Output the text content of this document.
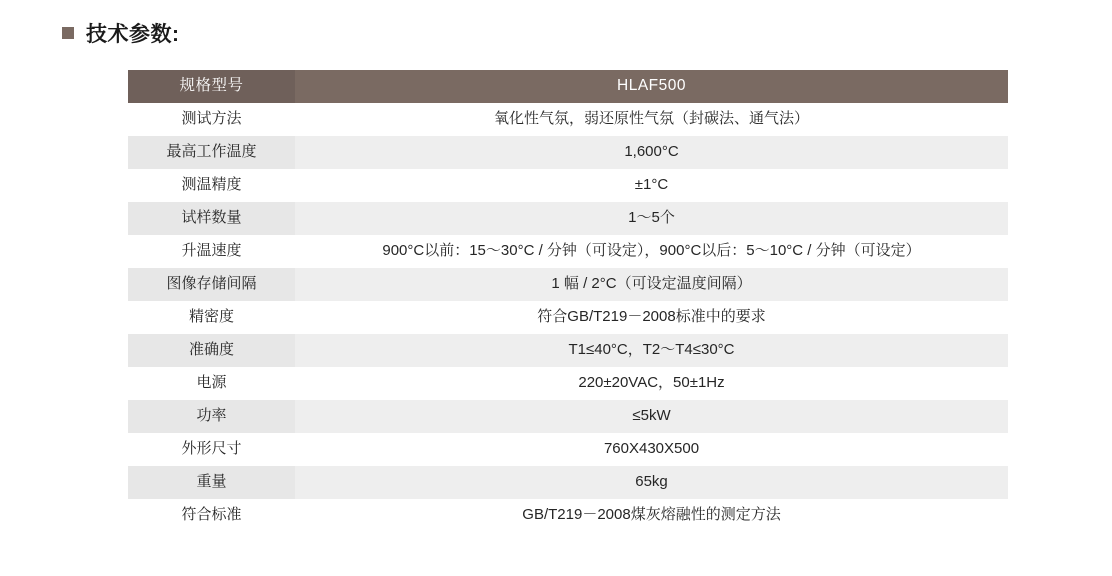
技术参数:
规格型号	HLAF500
测试方法	氧化性气氛，弱还原性气氛（封碳法、通气法）
最高工作温度	1,600°C
测温精度	±1°C
试样数量	1～5个
升温速度	900°C以前：15～30°C / 分钟（可设定），900°C以后：5～10°C / 分钟（可设定）
图像存储间隔	1 幅 / 2°C（可设定温度间隔）
精密度	符合GB/T219－2008标准中的要求
准确度	T1≤40°C，T2～T4≤30°C
电源	220±20VAC，50±1Hz
功率	≤5kW
外形尺寸	760X430X500
重量	65kg
符合标准	GB/T219－2008煤灰熔融性的测定方法
